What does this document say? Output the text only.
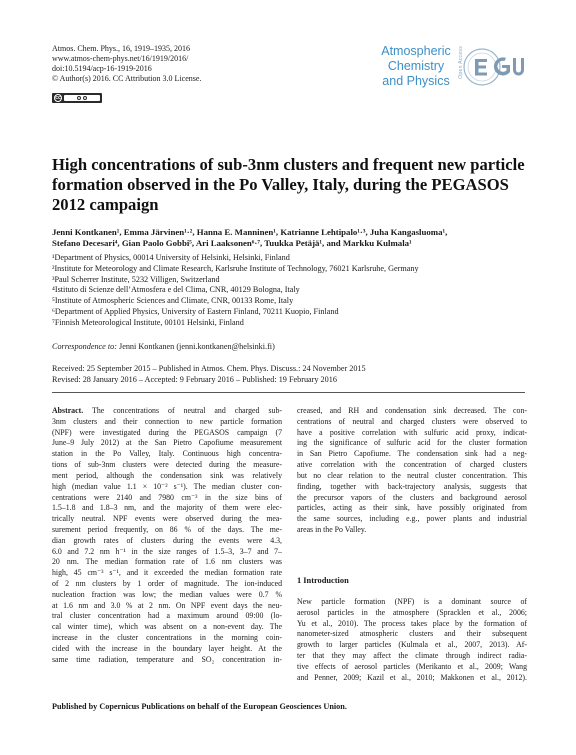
Atmos. Chem. Phys., 16, 1919–1935, 2016
www.atmos-chem-phys.net/16/1919/2016/
doi:10.5194/acp-16-1919-2016
© Author(s) 2016. CC Attribution 3.0 License.
cc
Atmospheric
Chemistry
and Physics
Open Access
High concentrations of sub-3nm clusters and frequent new particle
formation observed in the Po Valley, Italy, during the PEGASOS
2012 campaign
Jenni Kontkanen¹, Emma Järvinen¹·², Hanna E. Manninen¹, Katrianne Lehtipalo¹·³, Juha Kangasluoma¹,
Stefano Decesari⁴, Gian Paolo Gobbi⁵, Ari Laaksonen⁶·⁷, Tuukka Petäjä¹, and Markku Kulmala¹
¹Department of Physics, 00014 University of Helsinki, Helsinki, Finland
²Institute for Meteorology and Climate Research, Karlsruhe Institute of Technology, 76021 Karlsruhe, Germany
³Paul Scherrer Institute, 5232 Villigen, Switzerland
⁴Istituto di Scienze dell’Atmosfera e del Clima, CNR, 40129 Bologna, Italy
⁵Institute of Atmospheric Sciences and Climate, CNR, 00133 Rome, Italy
⁶Department of Applied Physics, University of Eastern Finland, 70211 Kuopio, Finland
⁷Finnish Meteorological Institute, 00101 Helsinki, Finland
Correspondence to: Jenni Kontkanen (jenni.kontkanen@helsinki.fi)
Received: 25 September 2015 – Published in Atmos. Chem. Phys. Discuss.: 24 November 2015
Revised: 28 January 2016 – Accepted: 9 February 2016 – Published: 19 February 2016
Abstract. The concentrations of neutral and charged sub-
3nm clusters and their connection to new particle formation
(NPF) were investigated during the PEGASOS campaign (7
June–9 July 2012) at the San Pietro Capofiume measurement
station in the Po Valley, Italy. Continuous high concentra-
tions of sub-3nm clusters were detected during the measure-
ment period, although the condensation sink was relatively
high (median value 1.1 × 10⁻² s⁻¹). The median cluster con-
centrations were 2140 and 7980 cm⁻³ in the size bins of
1.5–1.8 and 1.8–3 nm, and the majority of them were elec-
trically neutral. NPF events were observed during the mea-
surement period frequently, on 86 % of the days. The me-
dian growth rates of clusters during the events were 4.3,
6.0 and 7.2 nm h⁻¹ in the size ranges of 1.5–3, 3–7 and 7–
20 nm. The median formation rate of 1.6 nm clusters was
high, 45 cm⁻³ s⁻¹, and it exceeded the median formation rate
of 2 nm clusters by 1 order of magnitude. The ion-induced
nucleation fraction was low; the median values were 0.7 %
at 1.6 nm and 3.0 % at 2 nm. On NPF event days the neu-
tral cluster concentration had a maximum around 09:00 (lo-
cal winter time), which was absent on a non-event day. The
increase in the cluster concentrations in the morning coin-
cided with the increase in the boundary layer height. At the
same time radiation, temperature and SO₂ concentration in-
creased, and RH and condensation sink decreased. The con-
centrations of neutral and charged clusters were observed to
have a positive correlation with sulfuric acid proxy, indicat-
ing the significance of sulfuric acid for the cluster formation
in San Pietro Capofiume. The condensation sink had a neg-
ative correlation with the concentration of charged clusters
but no clear relation to the neutral cluster concentration. This
finding, together with back-trajectory analysis, suggests that
the precursor vapors of the clusters and background aerosol
particles, acting as their sink, have possibly originated from
the same sources, including e.g., power plants and industrial
areas in the Po Valley.
1 Introduction
New particle formation (NPF) is a dominant source of
aerosol particles in the atmosphere (Spracklen et al., 2006;
Yu et al., 2010). The process takes place by the formation of
nanometer-sized atmospheric clusters and their subsequent
growth to larger particles (Kulmala et al., 2007, 2013). Af-
ter that they may affect the climate through indirect radia-
tive effects of aerosol particles (Merikanto et al., 2009; Wang
and Penner, 2009; Kazil et al., 2010; Makkonen et al., 2012).
Published by Copernicus Publications on behalf of the European Geosciences Union.
